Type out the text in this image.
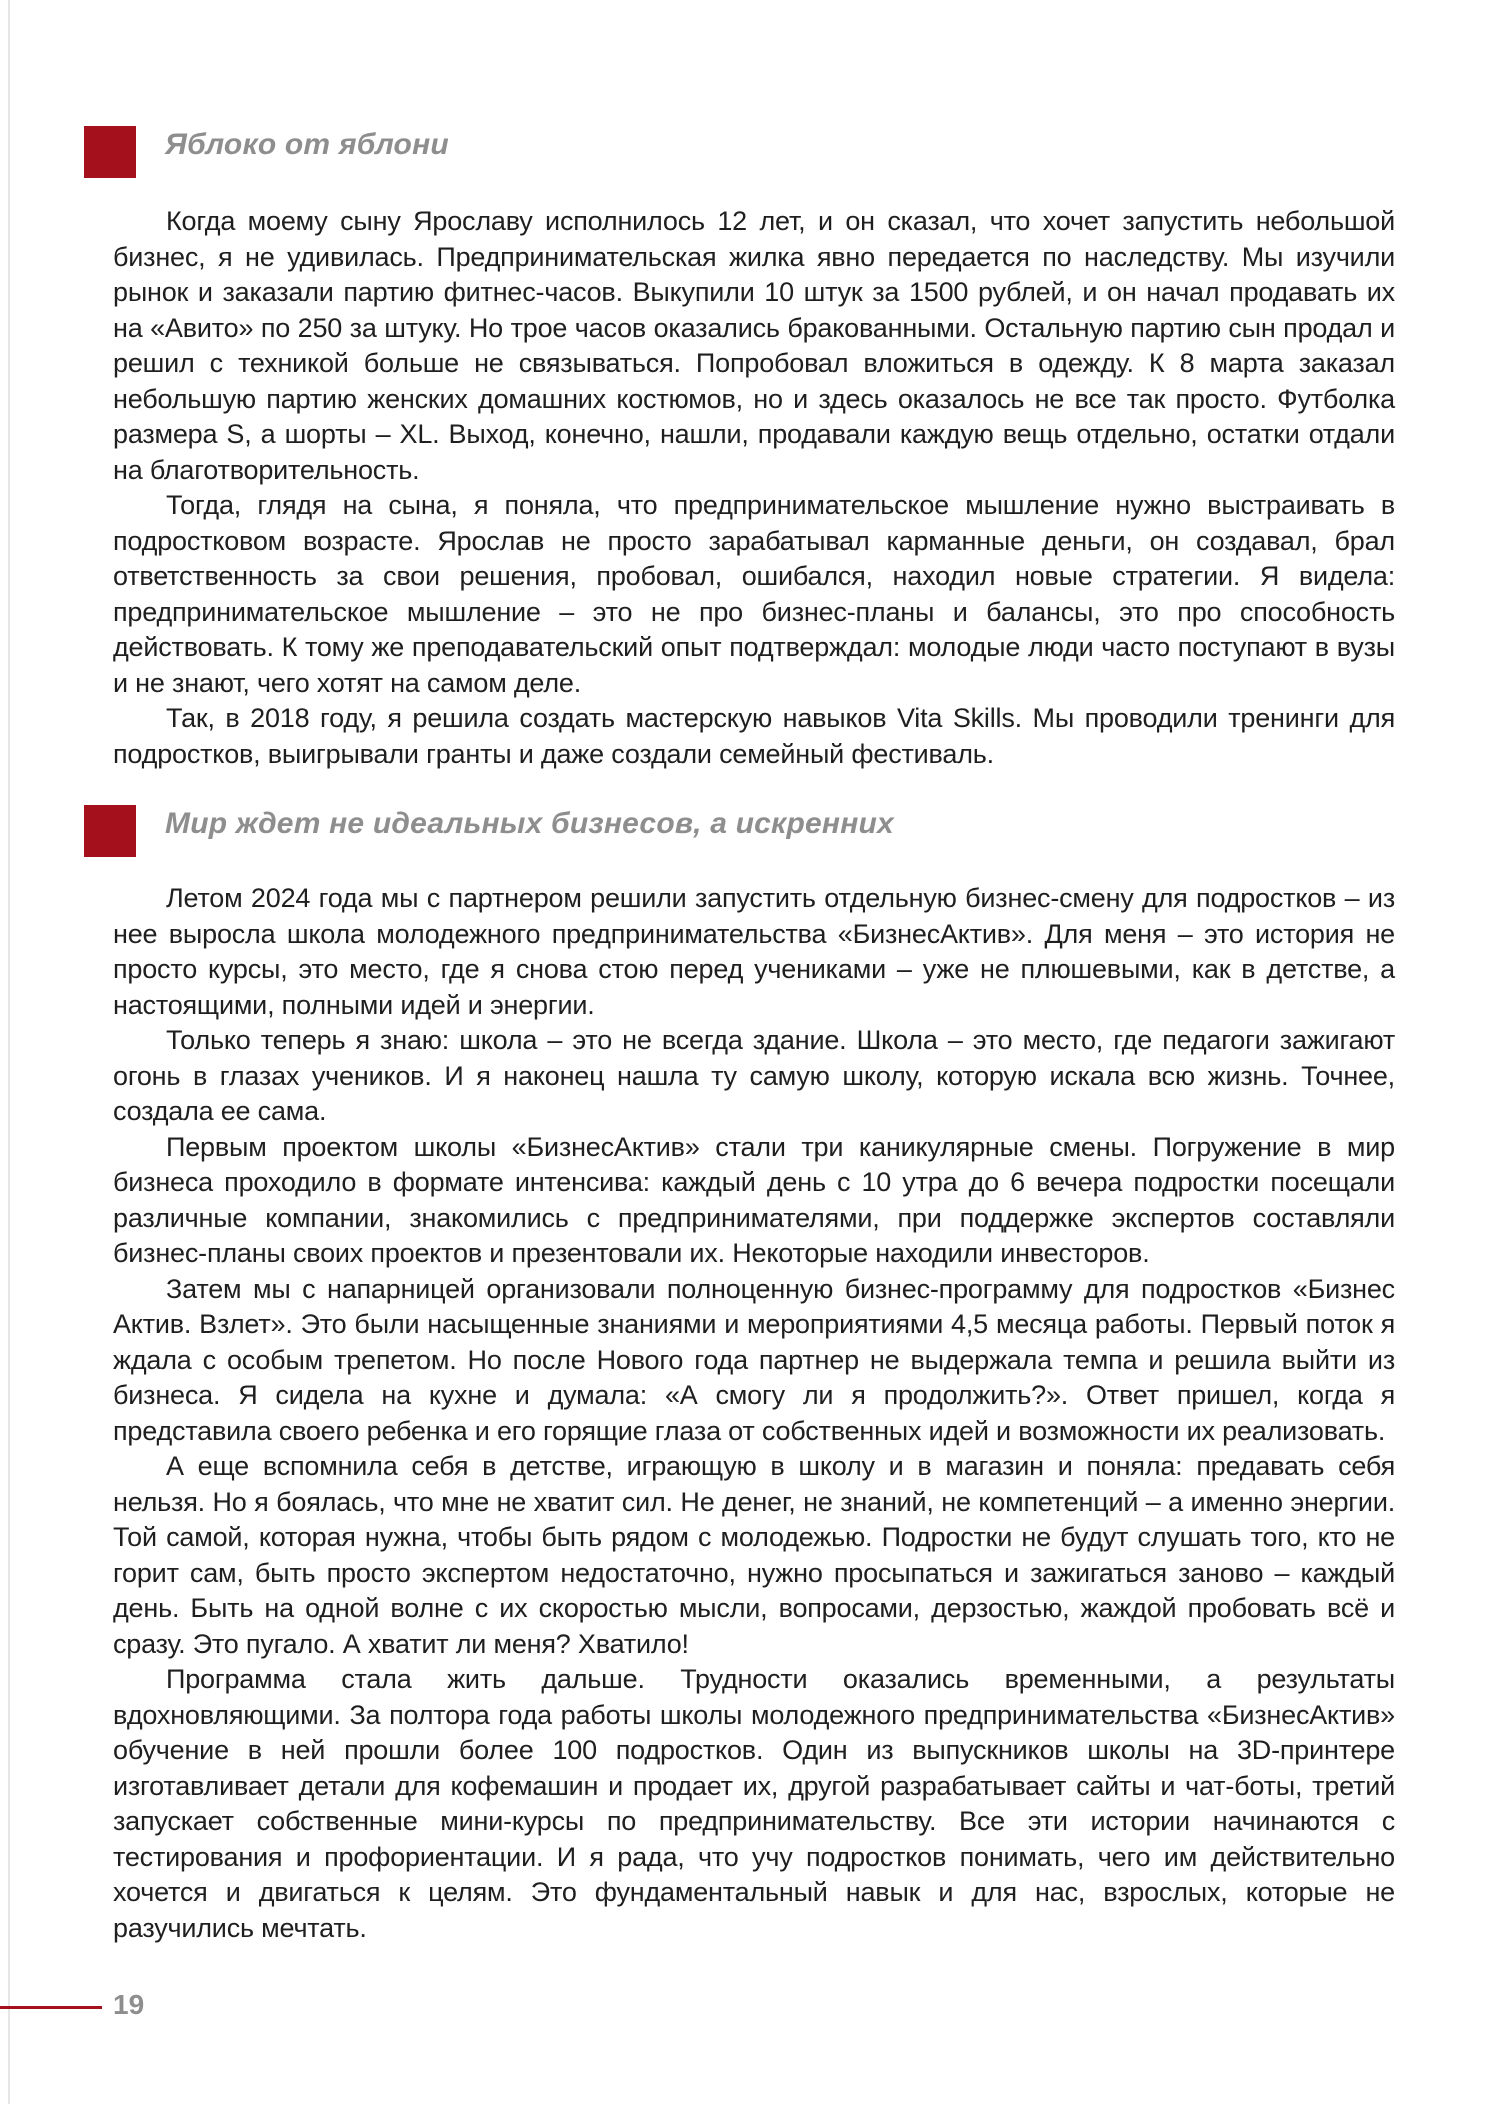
Яблоко от яблони

Когда моему сыну Ярославу исполнилось 12 лет, и он сказал, что хочет запустить небольшой бизнес, я не удивилась. Предпринимательская жилка явно передается по наследству. Мы изучили рынок и заказали партию фитнес-часов. Выкупили 10 штук за 1500 рублей, и он начал продавать их на «Авито» по 250 за штуку. Но трое часов оказались бракованными. Остальную партию сын продал и решил с техникой больше не связываться. Попробовал вложиться в одежду. К 8 марта заказал небольшую партию женских домашних костюмов, но и здесь оказалось не все так просто. Футболка размера S, а шорты – XL. Выход, конечно, нашли, продавали каждую вещь отдельно, остатки отдали на благотворительность.

Тогда, глядя на сына, я поняла, что предпринимательское мышление нужно выстраивать в подростковом возрасте. Ярослав не просто зарабатывал карманные деньги, он создавал, брал ответственность за свои решения, пробовал, ошибался, находил новые стратегии. Я видела: предпринимательское мышление – это не про бизнес-планы и балансы, это про способность действовать. К тому же преподавательский опыт подтверждал: молодые люди часто поступают в вузы и не знают, чего хотят на самом деле.

Так, в 2018 году, я решила создать мастерскую навыков Vita Skills. Мы проводили тренинги для подростков, выигрывали гранты и даже создали семейный фестиваль.

Мир ждет не идеальных бизнесов, а искренних

Летом 2024 года мы с партнером решили запустить отдельную бизнес-смену для подростков – из нее выросла школа молодежного предпринимательства «БизнесАктив». Для меня – это история не просто курсы, это место, где я снова стою перед учениками – уже не плюшевыми, как в детстве, а настоящими, полными идей и энергии.

Только теперь я знаю: школа – это не всегда здание. Школа – это место, где педагоги зажигают огонь в глазах учеников. И я наконец нашла ту самую школу, которую искала всю жизнь. Точнее, создала ее сама.

Первым проектом школы «БизнесАктив» стали три каникулярные смены. Погружение в мир бизнеса проходило в формате интенсива: каждый день с 10 утра до 6 вечера подростки посещали различные компании, знакомились с предпринимателями, при поддержке экспертов составляли бизнес-планы своих проектов и презентовали их. Некоторые находили инвесторов.

Затем мы с напарницей организовали полноценную бизнес-программу для подростков «Бизнес Актив. Взлет». Это были насыщенные знаниями и мероприятиями 4,5 месяца работы. Первый поток я ждала с особым трепетом. Но после Нового года партнер не выдержала темпа и решила выйти из бизнеса. Я сидела на кухне и думала: «А смогу ли я продолжить?». Ответ пришел, когда я представила своего ребенка и его горящие глаза от собственных идей и возможности их реализовать.

А еще вспомнила себя в детстве, играющую в школу и в магазин и поняла: предавать себя нельзя. Но я боялась, что мне не хватит сил. Не денег, не знаний, не компетенций – а именно энергии. Той самой, которая нужна, чтобы быть рядом с молодежью. Подростки не будут слушать того, кто не горит сам, быть просто экспертом недостаточно, нужно просыпаться и зажигаться заново – каждый день. Быть на одной волне с их скоростью мысли, вопросами, дерзостью, жаждой пробовать всё и сразу. Это пугало. А хватит ли меня? Хватило!

Программа стала жить дальше. Трудности оказались временными, а результаты вдохновляющими. За полтора года работы школы молодежного предпринимательства «БизнесАктив» обучение в ней прошли более 100 подростков. Один из выпускников школы на 3D-принтере изготавливает детали для кофемашин и продает их, другой разрабатывает сайты и чат-боты, третий запускает собственные мини-курсы по предпринимательству. Все эти истории начинаются с тестирования и профориентации. И я рада, что учу подростков понимать, чего им действительно хочется и двигаться к целям. Это фундаментальный навык и для нас, взрослых, которые не разучились мечтать.

19
